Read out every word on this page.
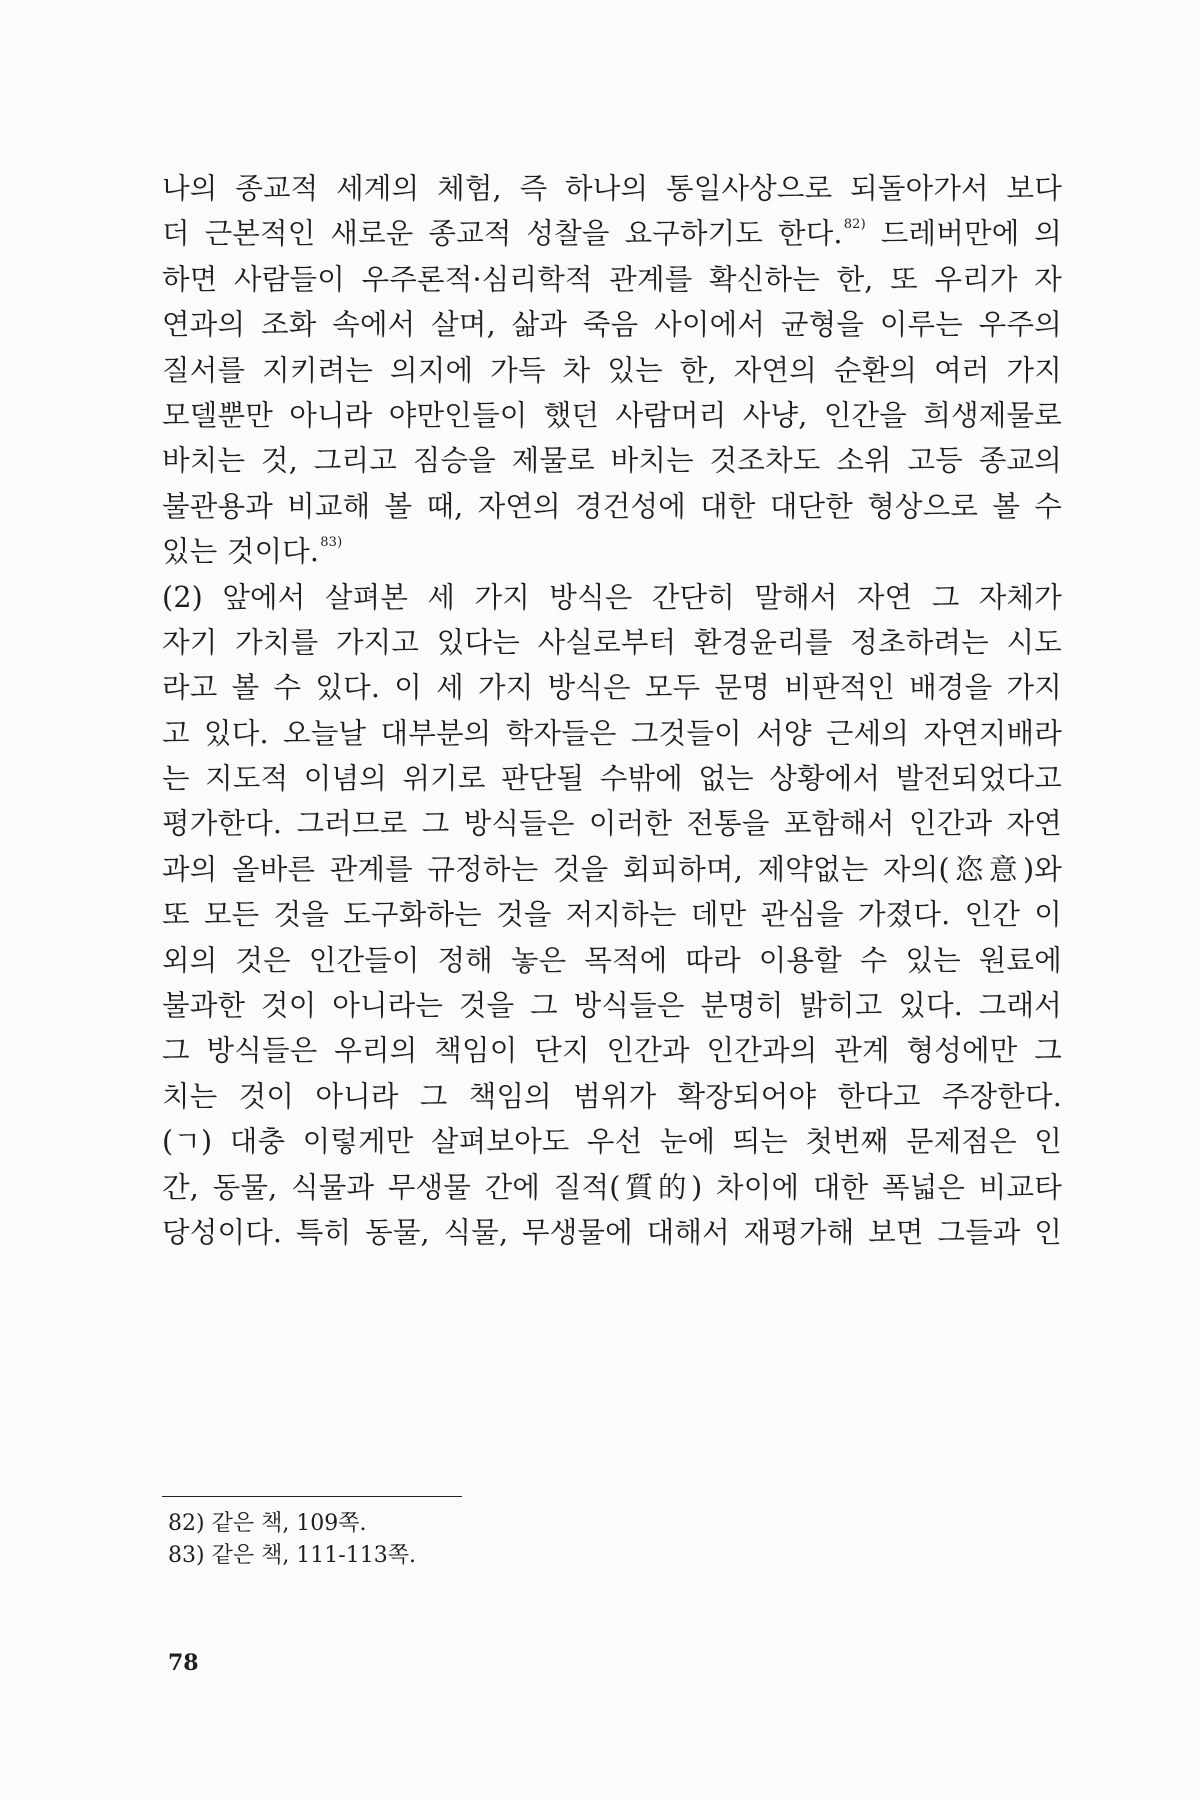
나의 종교적 세계의 체험, 즉 하나의 통일사상으로 되돌아가서 보다
더 근본적인 새로운 종교적 성찰을 요구하기도 한다.$^{82)}$ 드레버만에 의
하면 사람들이 우주론적·심리학적 관계를 확신하는 한, 또 우리가 자
연과의 조화 속에서 살며, 삶과 죽음 사이에서 균형을 이루는 우주의
질서를 지키려는 의지에 가득 차 있는 한, 자연의 순환의 여러 가지
모델뿐만 아니라 야만인들이 했던 사람머리 사냥, 인간을 희생제물로
바치는 것, 그리고 짐승을 제물로 바치는 것조차도 소위 고등 종교의
불관용과 비교해 볼 때, 자연의 경건성에 대한 대단한 형상으로 볼 수
있는 것이다.$^{83)}$
(2) 앞에서 살펴본 세 가지 방식은 간단히 말해서 자연 그 자체가
자기 가치를 가지고 있다는 사실로부터 환경윤리를 정초하려는 시도
라고 볼 수 있다. 이 세 가지 방식은 모두 문명 비판적인 배경을 가지
고 있다. 오늘날 대부분의 학자들은 그것들이 서양 근세의 자연지배라
는 지도적 이념의 위기로 판단될 수밖에 없는 상황에서 발전되었다고
평가한다. 그러므로 그 방식들은 이러한 전통을 포함해서 인간과 자연
과의 올바른 관계를 규정하는 것을 회피하며, 제약없는 자의(恣意)와
또 모든 것을 도구화하는 것을 저지하는 데만 관심을 가졌다. 인간 이
외의 것은 인간들이 정해 놓은 목적에 따라 이용할 수 있는 원료에
불과한 것이 아니라는 것을 그 방식들은 분명히 밝히고 있다. 그래서
그 방식들은 우리의 책임이 단지 인간과 인간과의 관계 형성에만 그
치는 것이 아니라 그 책임의 범위가 확장되어야 한다고 주장한다.
(ㄱ) 대충 이렇게만 살펴보아도 우선 눈에 띄는 첫번째 문제점은 인
간, 동물, 식물과 무생물 간에 질적(質的) 차이에 대한 폭넓은 비교타
당성이다. 특히 동물, 식물, 무생물에 대해서 재평가해 보면 그들과 인
82) 같은 책, 109쪽.
83) 같은 책, 111-113쪽.
78
